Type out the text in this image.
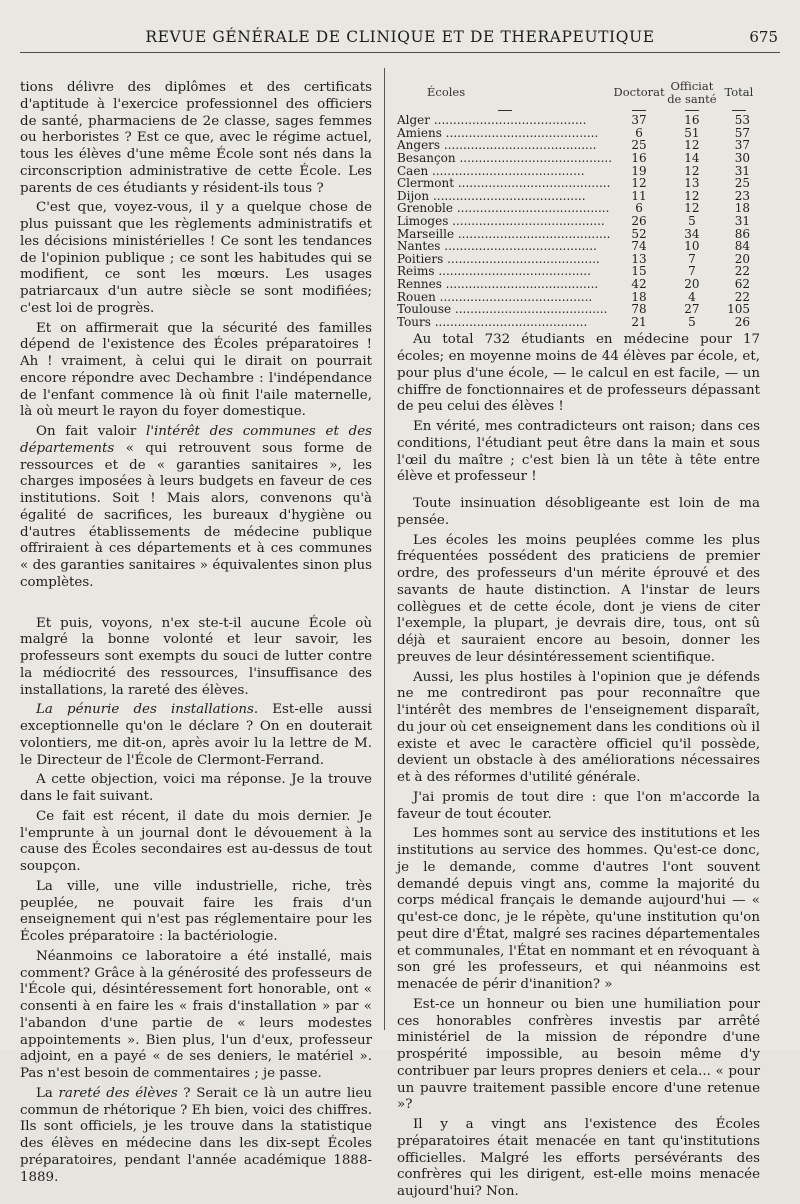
REVUE GÉNÉRALE DE CLINIQUE ET DE THERAPEUTIQUE	675

tions délivre des diplômes et des certificats d'aptitude à l'exercice professionnel des officiers de santé, pharmaciens de 2e classe, sages femmes ou herboristes ? Est ce que, avec le régime actuel, tous les élèves d'une même École sont nés dans la circonscription administrative de cette École. Les parents de ces étudiants y résident-ils tous ?

C'est que, voyez-vous, il y a quelque chose de plus puissant que les règlements administratifs et les décisions ministérielles ! Ce sont les tendances de l'opinion publique ; ce sont les habitudes qui se modifient, ce sont les mœurs. Les usages patriarcaux d'un autre siècle se sont modifiées; c'est loi de progrès.

Et on affirmerait que la sécurité des familles dépend de l'existence des Écoles préparatoires ! Ah ! vraiment, à celui qui le dirait on pourrait encore répondre avec Dechambre : l'indépendance de l'enfant commence là où finit l'aile maternelle, là où meurt le rayon du foyer domestique.

On fait valoir l'intérêt des communes et des départements « qui retrouvent sous forme de ressources et de « garanties sanitaires », les charges imposées à leurs budgets en faveur de ces institutions. Soit ! Mais alors, convenons qu'à égalité de sacrifices, les bureaux d'hygiène ou d'autres établissements de médecine publique offriraient à ces départements et à ces communes « des garanties sanitaires » équivalentes sinon plus complètes.

Et puis, voyons, n'ex ste-t-il aucune École où malgré la bonne volonté et leur savoir, les professeurs sont exempts du souci de lutter contre la médiocrité des ressources, l'insuffisance des installations, la rareté des élèves.

La pénurie des installations. Est-elle aussi exceptionnelle qu'on le déclare ? On en douterait volontiers, me dit-on, après avoir lu la lettre de M. le Directeur de l'École de Clermont-Ferrand.

A cette objection, voici ma réponse. Je la trouve dans le fait suivant.

Ce fait est récent, il date du mois dernier. Je l'emprunte à un journal dont le dévouement à la cause des Écoles secondaires est au-dessus de tout soupçon.

La ville, une ville industrielle, riche, très peuplée, ne pouvait faire les frais d'un enseignement qui n'est pas réglementaire pour les Écoles préparatoire : la bactériologie.

Néanmoins ce laboratoire a été installé, mais comment? Grâce à la générosité des professeurs de l'École qui, désintéressement fort honorable, ont « consenti à en faire les « frais d'installation » par « l'abandon d'une partie de « leurs modestes appointements ». Bien plus, l'un d'eux, professeur adjoint, en a payé « de ses deniers, le matériel ». Pas n'est besoin de commentaires ; je passe.

La rareté des élèves ? Serait ce là un autre lieu commun de rhétorique ? Eh bien, voici des chiffres. Ils sont officiels, je les trouve dans la statistique des élèves en médecine dans les dix-sept Écoles préparatoires, pendant l'année académique 1888-1889.

Écoles	Doctorat	Officiat de santé	Total

Alger ........................................	37	16	53
Amiens ........................................	6	51	57
Angers ........................................	25	12	37
Besançon ........................................	16	14	30
Caen ........................................	19	12	31
Clermont ........................................	12	13	25
Dijon ........................................	11	12	23
Grenoble ........................................	6	12	18
Limoges ........................................	26	5	31
Marseille ........................................	52	34	86
Nantes ........................................	74	10	84
Poitiers ........................................	13	7	20
Reims ........................................	15	7	22
Rennes ........................................	42	20	62
Rouen ........................................	18	4	22
Toulouse ........................................	78	27	105
Tours ........................................	21	5	26

Au total 732 étudiants en médecine pour 17 écoles; en moyenne moins de 44 élèves par école, et, pour plus d'une école, — le calcul en est facile, — un chiffre de fonctionnaires et de professeurs dépassant de peu celui des élèves !

En vérité, mes contradicteurs ont raison; dans ces conditions, l'étudiant peut être dans la main et sous l'œil du maître ; c'est bien là un tête à tête entre élève et professeur !

Toute insinuation désobligeante est loin de ma pensée.

Les écoles les moins peuplées comme les plus fréquentées possédent des praticiens de premier ordre, des professeurs d'un mérite éprouvé et des savants de haute distinction. A l'instar de leurs collègues et de cette école, dont je viens de citer l'exemple, la plupart, je devrais dire, tous, ont sû déjà et sauraient encore au besoin, donner les preuves de leur désintéressement scientifique.

Aussi, les plus hostiles à l'opinion que je défends ne me contrediront pas pour reconnaître que l'intérêt des membres de l'enseignement disparaît, du jour où cet enseignement dans les conditions où il existe et avec le caractère officiel qu'il possède, devient un obstacle à des améliorations nécessaires et à des réformes d'utilité générale.

J'ai promis de tout dire : que l'on m'accorde la faveur de tout écouter.

Les hommes sont au service des institutions et les institutions au service des hommes. Qu'est-ce donc, je le demande, comme d'autres l'ont souvent demandé depuis vingt ans, comme la majorité du corps médical français le demande aujourd'hui — « qu'est-ce donc, je le répète, qu'une institution qu'on peut dire d'État, malgré ses racines départementales et communales, l'État en nommant et en révoquant à son gré les professeurs, et qui néanmoins est menacée de périr d'inanition? »

Est-ce un honneur ou bien une humiliation pour ces honorables confrères investis par arrêté ministériel de la mission de répondre d'une prospérité impossible, au besoin même d'y contribuer par leurs propres deniers et cela... « pour un pauvre traitement passible encore d'une retenue »?

Il y a vingt ans l'existence des Écoles préparatoires était menacée en tant qu'institutions officielles. Malgré les efforts persévérants des confrères qui les dirigent, est-elle moins menacée aujourd'hui? Non.
